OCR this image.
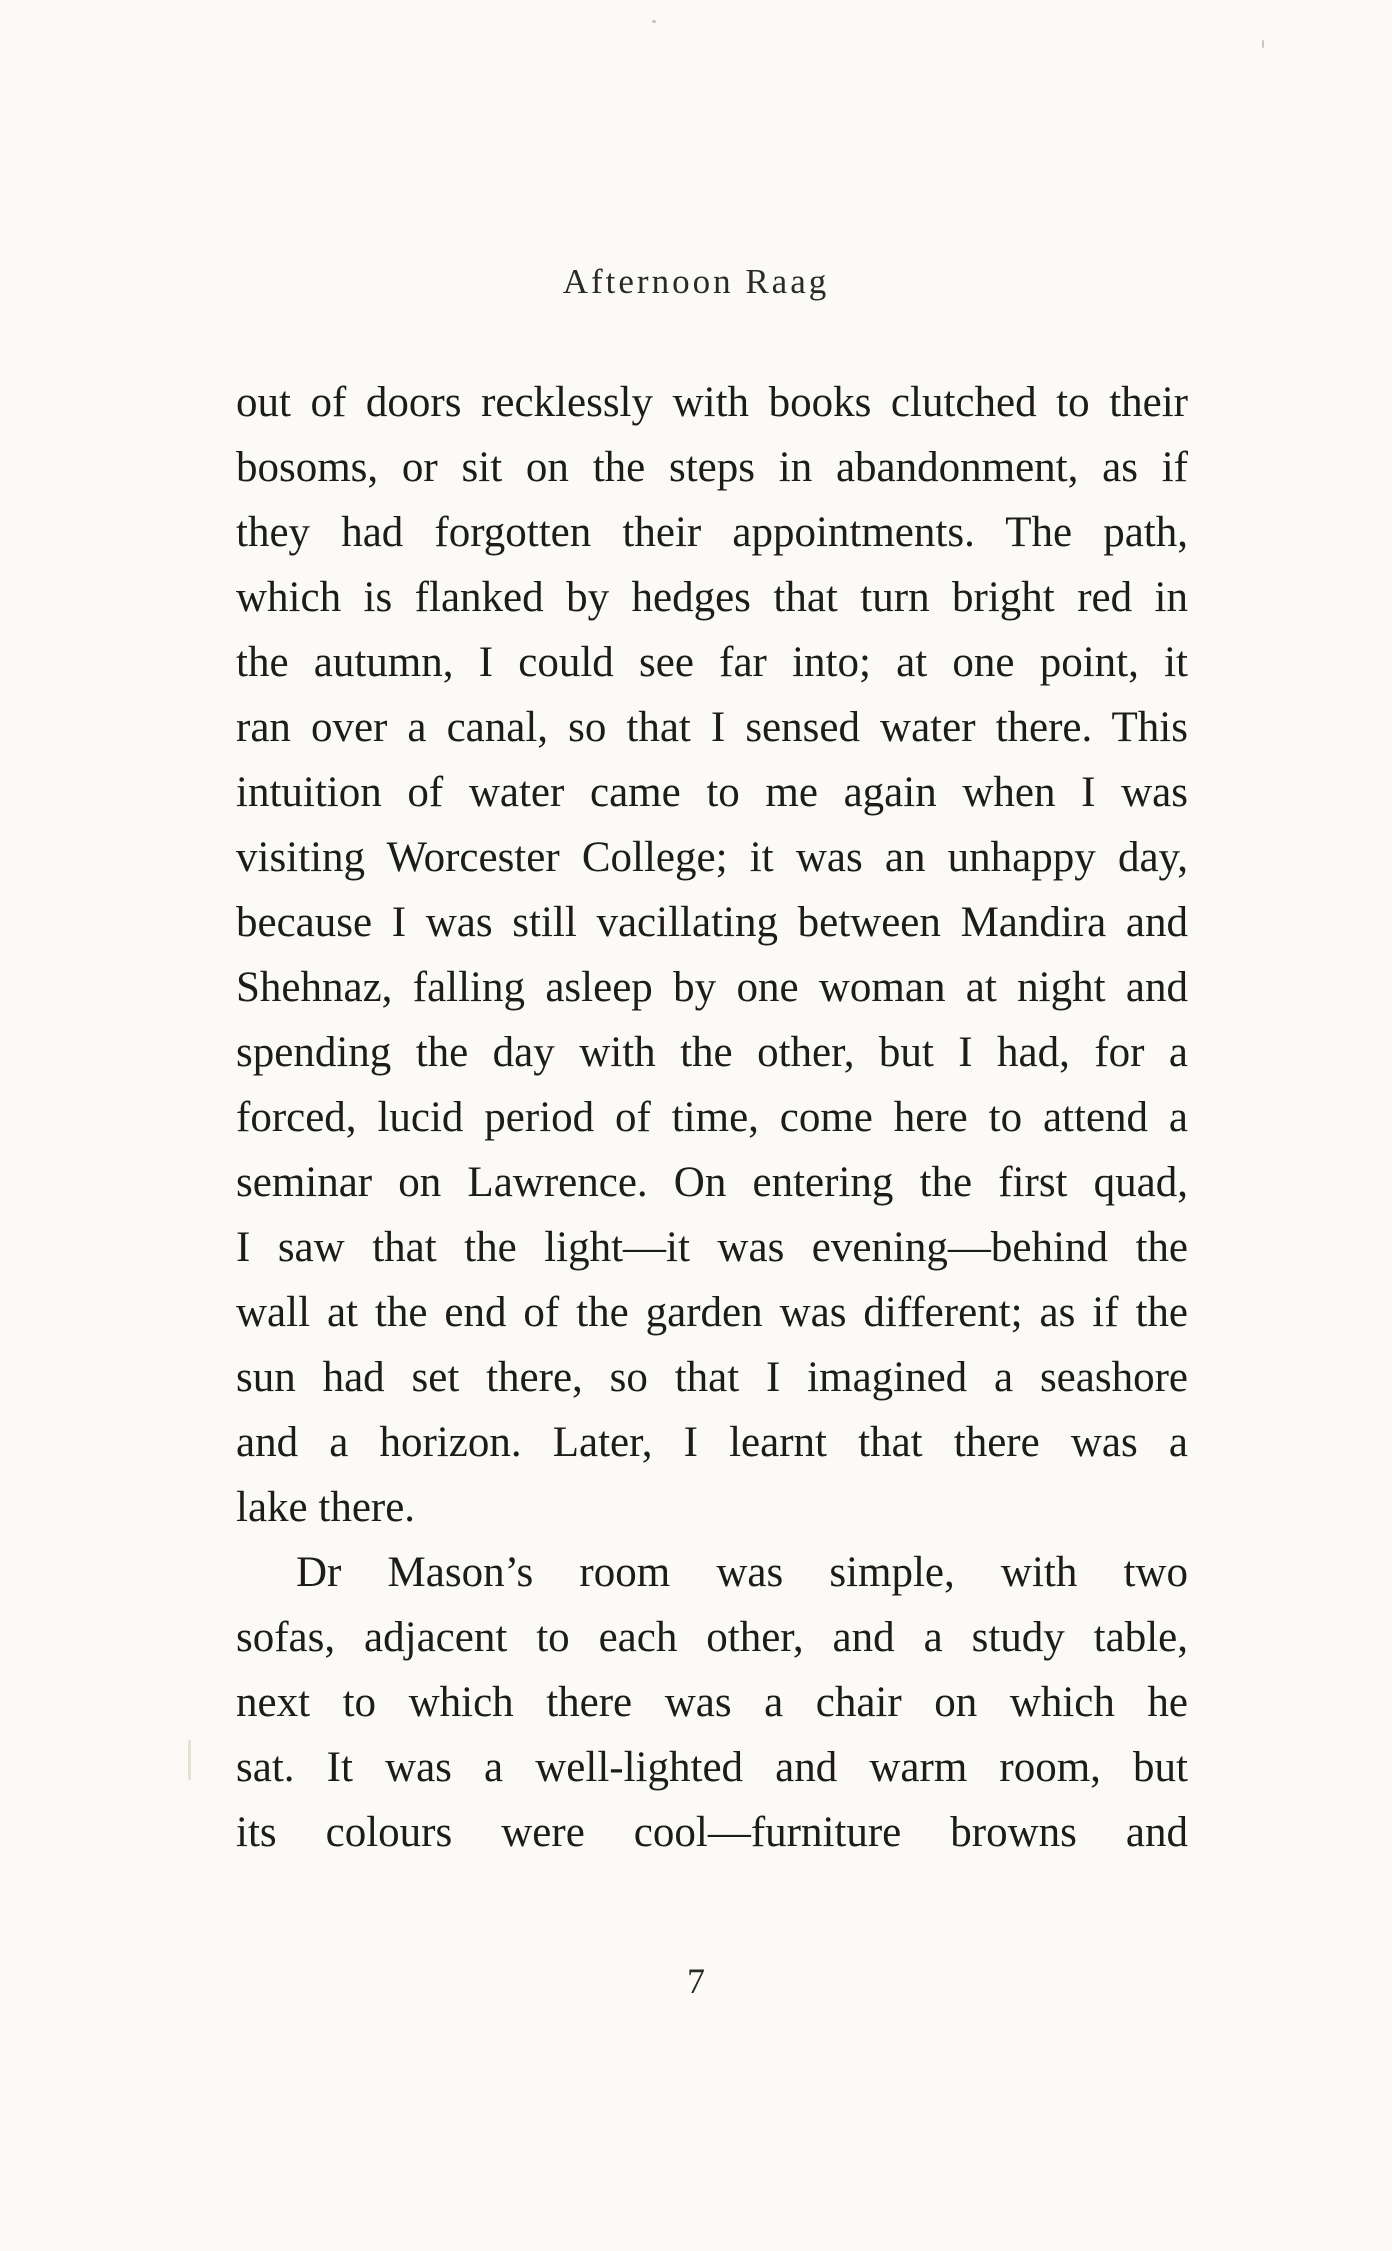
Afternoon Raag
out of doors recklessly with books clutched to their
bosoms, or sit on the steps in abandonment, as if
they had forgotten their appointments. The path,
which is flanked by hedges that turn bright red in
the autumn, I could see far into; at one point, it
ran over a canal, so that I sensed water there. This
intuition of water came to me again when I was
visiting Worcester College; it was an unhappy day,
because I was still vacillating between Mandira and
Shehnaz, falling asleep by one woman at night and
spending the day with the other, but I had, for a
forced, lucid period of time, come here to attend a
seminar on Lawrence. On entering the first quad,
I saw that the light—it was evening—behind the
wall at the end of the garden was different; as if the
sun had set there, so that I imagined a seashore
and a horizon. Later, I learnt that there was a
lake there.
Dr Mason’s room was simple, with two
sofas, adjacent to each other, and a study table,
next to which there was a chair on which he
sat. It was a well-lighted and warm room, but
its colours were cool—furniture browns and
7
